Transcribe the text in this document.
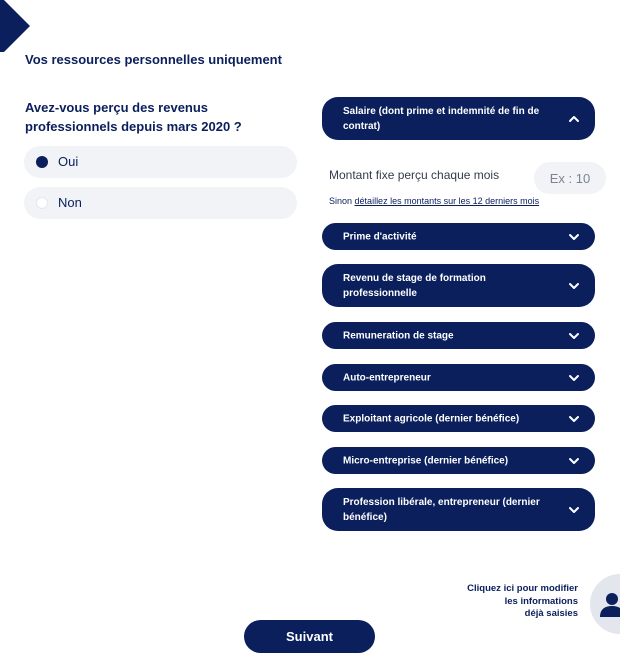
Vos ressources personnelles uniquement
Avez-vous perçu des revenus professionnels depuis mars 2020 ?
Oui
Non
Salaire (dont prime et indemnité de fin de contrat)
Montant fixe perçu chaque mois
Ex : 10
Sinon détaillez les montants sur les 12 derniers mois
Prime d'activité
Revenu de stage de formation professionnelle
Remuneration de stage
Auto-entrepreneur
Exploitant agricole (dernier bénéfice)
Micro-entreprise (dernier bénéfice)
Profession libérale, entrepreneur (dernier bénéfice)
Cliquez ici pour modifier
les informations
déjà saisies
Suivant
